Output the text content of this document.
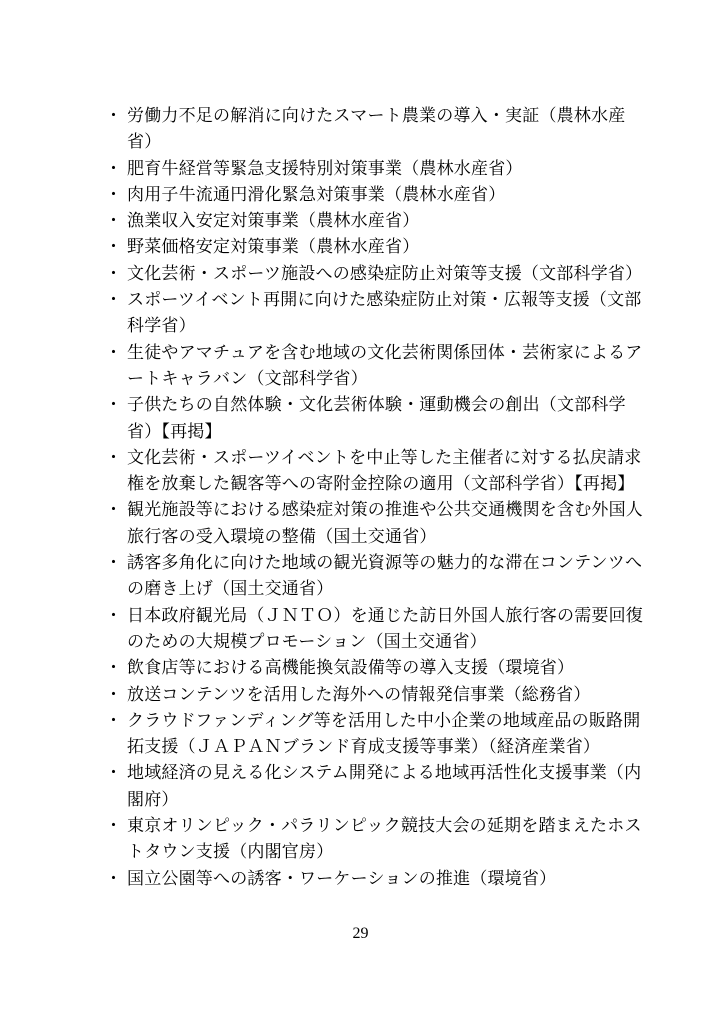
・ 労働力不足の解消に向けたスマート農業の導入・実証（農林水産省）
・ 肥育牛経営等緊急支援特別対策事業（農林水産省）
・ 肉用子牛流通円滑化緊急対策事業（農林水産省）
・ 漁業収入安定対策事業（農林水産省）
・ 野菜価格安定対策事業（農林水産省）
・ 文化芸術・スポーツ施設への感染症防止対策等支援（文部科学省）
・ スポーツイベント再開に向けた感染症防止対策・広報等支援（文部科学省）
・ 生徒やアマチュアを含む地域の文化芸術関係団体・芸術家によるアートキャラバン（文部科学省）
・ 子供たちの自然体験・文化芸術体験・運動機会の創出（文部科学省）【再掲】
・ 文化芸術・スポーツイベントを中止等した主催者に対する払戻請求権を放棄した観客等への寄附金控除の適用（文部科学省）【再掲】
・ 観光施設等における感染症対策の推進や公共交通機関を含む外国人旅行客の受入環境の整備（国土交通省）
・ 誘客多角化に向けた地域の観光資源等の魅力的な滞在コンテンツへの磨き上げ（国土交通省）
・ 日本政府観光局（ＪＮＴＯ）を通じた訪日外国人旅行客の需要回復のための大規模プロモーション（国土交通省）
・ 飲食店等における高機能換気設備等の導入支援（環境省）
・ 放送コンテンツを活用した海外への情報発信事業（総務省）
・ クラウドファンディング等を活用した中小企業の地域産品の販路開拓支援（ＪＡＰＡＮブランド育成支援等事業）（経済産業省）
・ 地域経済の見える化システム開発による地域再活性化支援事業（内閣府）
・ 東京オリンピック・パラリンピック競技大会の延期を踏まえたホストタウン支援（内閣官房）
・ 国立公園等への誘客・ワーケーションの推進（環境省）
29
